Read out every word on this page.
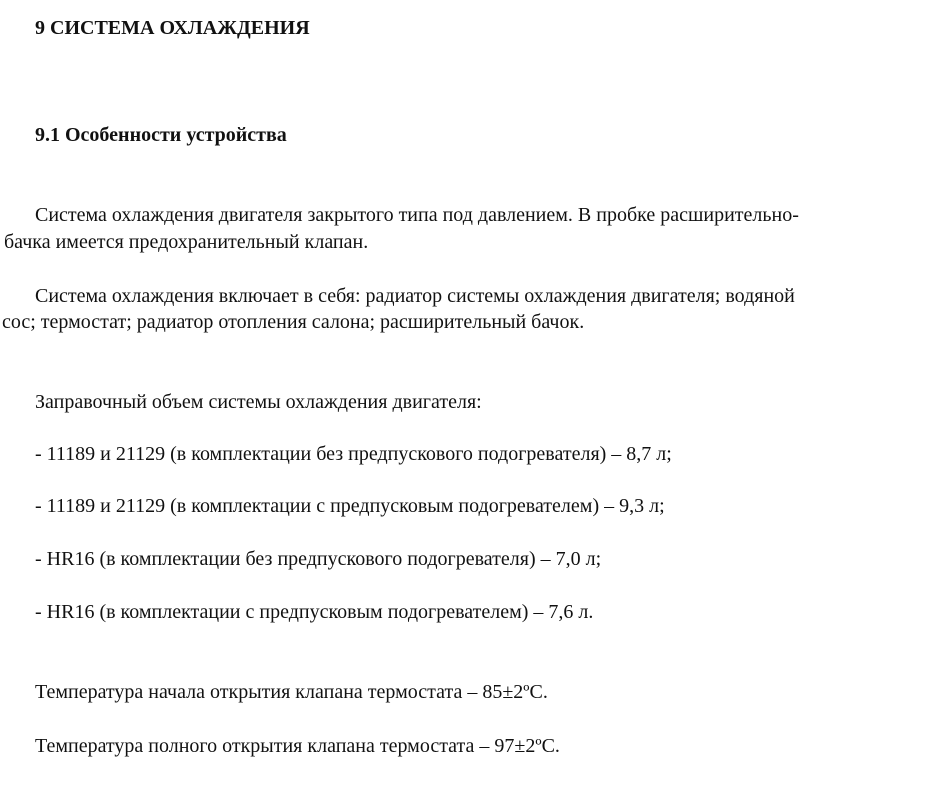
9 СИСТЕМА ОХЛАЖДЕНИЯ
9.1 Особенности устройства
Система охлаждения двигателя закрытого типа под давлением. В пробке расширительно-
бачка имеется предохранительный клапан.
Система охлаждения включает в себя: радиатор системы охлаждения двигателя; водяной
сос; термостат; радиатор отопления салона; расширительный бачок.
Заправочный объем системы охлаждения двигателя:
- 11189 и 21129 (в комплектации без предпускового подогревателя) – 8,7 л;
- 11189 и 21129 (в комплектации с предпусковым подогревателем) – 9,3 л;
- HR16 (в комплектации без предпускового подогревателя) – 7,0 л;
- HR16 (в комплектации с предпусковым подогревателем) – 7,6 л.
Температура начала открытия клапана термостата – 85±2ºС.
Температура полного открытия клапана термостата – 97±2ºС.
